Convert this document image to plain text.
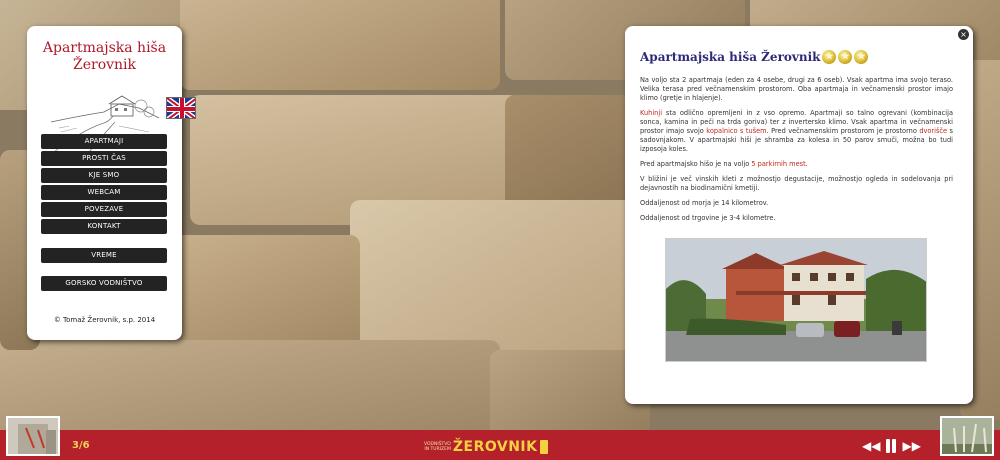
Apartmajska hiša Žerovnik
APARTMAJI
PROSTI ČAS
KJE SMO
WEBCAM
POVEZAVE
KONTAKT
VREME
GORSKO VODNIŠTVO
© Tomaž Žerovnik, s.p. 2014
×
Apartmajska hiša Žerovnik ★ ★ ★

Na voljo sta 2 apartmaja (eden za 4 osebe, drugi za 6 oseb). Vsak apartma ima svojo teraso. Velika terasa pred večnamenskim prostorom. Oba apartmaja in večnamenski prostor imajo klimo (gretje in hlajenje).

Kuhinji sta odlično opremljeni in z vso opremo. Apartmaji so talno ogrevani (kombinacija sonca, kamina in peči na trda goriva) ter z invertersko klimo. Vsak apartma in večnamenski prostor imajo svojo kopalnico s tušem. Pred večnamenskim prostorom je prostorno dvorišče s sadovnjakom. V apartmajski hiši je shramba za kolesa in 50 parov smuči, možna bo tudi izposoja koles.

Pred apartmajsko hišo je na voljo 5 parkirnih mest.

V bližini je več vinskih kleti z možnostjo degustacije, možnostjo ogleda in sodelovanja pri dejavnostih na biodinamični kmetiji.

Oddaljenost od morja je 14 kilometrov.

Oddaljenost od trgovine je 3-4 kilometre.

3/6	VODNIŠTVO
IN TURIZEM ŽEROVNIK	◀◀ ▶▶
